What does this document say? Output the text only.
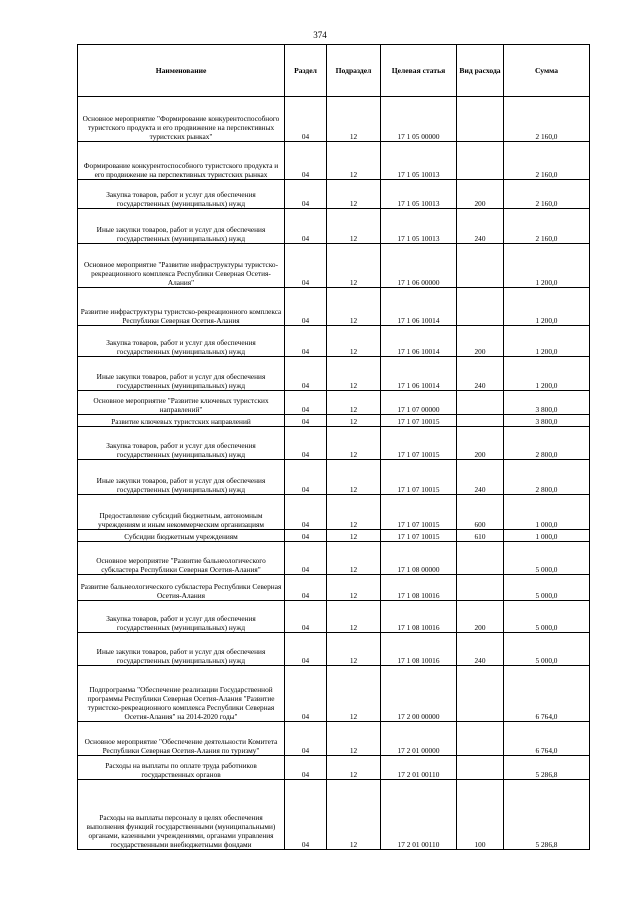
374
Наименование	Раздел	Подраздел	Целевая статья	Вид расхода	Сумма
Основное мероприятие "Формирование конкурентоспособного туристского продукта и его продвижение на перспективных туристских рынках"	04	12	17 1 05 00000		2 160,0
Формирование конкурентоспособного туристского продукта и его продвижение на перспективных туристских рынках	04	12	17 1 05 10013		2 160,0
Закупка товаров, работ и услуг для обеспечения государственных (муниципальных) нужд	04	12	17 1 05 10013	200	2 160,0
Иные закупки товаров, работ и услуг для обеспечения государственных (муниципальных) нужд	04	12	17 1 05 10013	240	2 160,0
Основное мероприятие "Развитие инфраструктуры туристско-рекреационного комплекса Республики Северная Осетия-Алания"	04	12	17 1 06 00000		1 200,0
Развитие инфраструктуры туристско-рекреационного комплекса Республики Северная Осетия-Алания	04	12	17 1 06 10014		1 200,0
Закупка товаров, работ и услуг для обеспечения государственных (муниципальных) нужд	04	12	17 1 06 10014	200	1 200,0
Иные закупки товаров, работ и услуг для обеспечения государственных (муниципальных) нужд	04	12	17 1 06 10014	240	1 200,0
Основное мероприятие "Развитие ключевых туристских направлений"	04	12	17 1 07 00000		3 800,0
Развитие ключевых туристских направлений	04	12	17 1 07 10015		3 800,0
Закупка товаров, работ и услуг для обеспечения государственных (муниципальных) нужд	04	12	17 1 07 10015	200	2 800,0
Иные закупки товаров, работ и услуг для обеспечения государственных (муниципальных) нужд	04	12	17 1 07 10015	240	2 800,0
Предоставление субсидий бюджетным, автономным учреждениям и иным некоммерческим организациям	04	12	17 1 07 10015	600	1 000,0
Субсидии бюджетным учреждениям	04	12	17 1 07 10015	610	1 000,0
Основное мероприятие "Развитие бальнеологического субкластера Республики Северная Осетия-Алания"	04	12	17 1 08 00000		5 000,0
Развитие бальнеологического субкластера Республики Северная Осетия-Алания	04	12	17 1 08 10016		5 000,0
Закупка товаров, работ и услуг для обеспечения государственных (муниципальных) нужд	04	12	17 1 08 10016	200	5 000,0
Иные закупки товаров, работ и услуг для обеспечения государственных (муниципальных) нужд	04	12	17 1 08 10016	240	5 000,0
Подпрограмма "Обеспечение реализации Государственной программы Республики Северная Осетия-Алания "Развитие туристско-рекреационного комплекса Республики Северная Осетия-Алания" на 2014-2020 годы"	04	12	17 2 00 00000		6 764,0
Основное мероприятие "Обеспечение деятельности Комитета Республики Северная Осетия-Алания по туризму"	04	12	17 2 01 00000		6 764,0
Расходы на выплаты по оплате труда работников государственных органов	04	12	17 2 01 00110		5 286,8
Расходы на выплаты персоналу в целях обеспечения выполнения функций государственными (муниципальными) органами, казенными учреждениями, органами управления государственными внебюджетными фондами	04	12	17 2 01 00110	100	5 286,8
